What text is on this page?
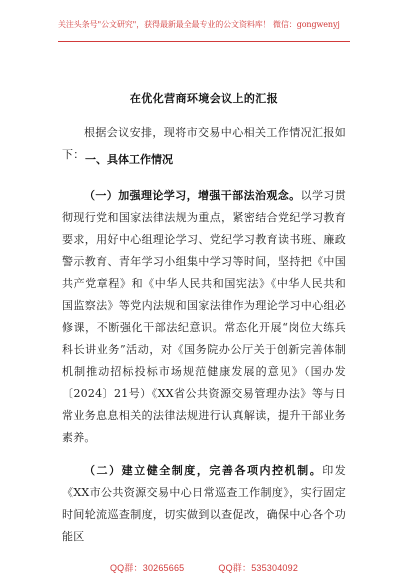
关注头条号"公文研究"，获得最新最全最专业的公文资料库！ 微信：gongwenyj
在优化营商环境会议上的汇报
根据会议安排，现将市交易中心相关工作情况汇报如下： 一、具体工作情况
（一）加强理论学习，增强干部法治观念。以学习贯彻现行党和国家法律法规为重点，紧密结合党纪学习教育要求，用好中心组理论学习、党纪学习教育读书班、廉政警示教育、青年学习小组集中学习等时间，坚持把《中国共产党章程》和《中华人民共和国宪法》《中华人民共和国监察法》等党内法规和国家法律作为理论学习中心组必修课，不断强化干部法纪意识。常态化开展“岗位大练兵科长讲业务”活动，对《国务院办公厅关于创新完善体制机制推动招标投标市场规范健康发展的意见》（国办发〔2024〕21号）《XX省公共资源交易管理办法》等与日常业务息息相关的法律法规进行认真解读，提升干部业务素养。
（二）建立健全制度，完善各项内控机制。印发《XX市公共资源交易中心日常巡查工作制度》，实行固定时间轮流巡查制度，切实做到以查促改，确保中心各个功能区
QQ群：30265665	QQ群：535304092
